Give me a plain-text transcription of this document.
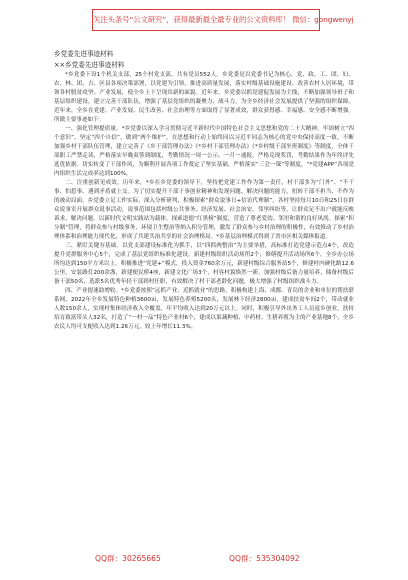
关注头条号“公文研究”，获得最新最全最专业的公文资料库！ 微信：gongwenyj
乡党委先进事迹材料
××乡党委先进事迹材料

*乡党委下设1个机关支部，25个村党支部，共有党员552人。乡党委是以党委书记为核心，党、政、工、团、妇、农、林、团、吉、区县各项决策部署，以党建为引领，推进高质量发展，落实村级基础设施建设、改善农村人居环境，带领各村脱贫攻坚、产业发展，使全乡上下呈现出新的面貌。近年来，乡党委以抓党建促发展为主线，不断加强领导班子和基层组织建设，建立完善干部队伍，增强了基层党组织的凝聚力、战斗力，为全乡经济社会发展提供了坚强的组织保障。近年来，全乡在党建、产业发展、民生改善、社会治理等方面取得了显著成效，群众获得感、幸福感、安全感不断增强。所做主要事迹如下：

一、强化管理提质量。*乡党委以深入学习贯彻习近平新时代中国特色社会主义思想和党的二十大精神，牢固树立“四个意识”，坚定“四个自信”，做到“两个维护”。在思想和行动上始终同以习近平同志为核心的党中央保持高度一致，不断加强乡村干部队伍管理，建立完善了《乡干部管理办法》《*乡村干部管理办法》《*乡村级干部坐班制度》等制度，全体干部职工严禁走读，严格落实早晚双签到制度，考勤情况一周一公示、一月一通报，严格兑现奖罚，考勤结果作为年终评先选优依据。切实转变了干部作风，为顺利开展各项工作奠定了坚实基础。严格落实“三会一课”等制度，“*党建APP”各项党内组织生活完成率达到100%。

二、注重创新见成效。历年来，*乡在乡党委的领导下，坚持把党建工作作为第一责任，村干部多为“门外”、“不干事、怕惹事、遇到矛盾就上交。为了切实提升干部干事创业精神和发现问题、解决问题的能力，扭转干部不担当、不作为的被动局面，乡党委立足工作实际，深入分析研判，积极探索“群众说事日+信访代理制”，各村坚持每月10日和25日在群众说事室开展群众说事活动，说事范围包括村级公共事务、经济发展、社会治安、邻里纠纷等，让群众足不出户就能反映诉求，解决问题。以新时代文明实践站为载体，探索道德“红黑榜”制度，营造了尊老爱幼、邻里和谐的良好风尚。探索“积分制”管理，将群众参与村级事务、环境卫生整治等纳入积分管理，激发了群众参与乡村治理的积极性，有效推动了乡村治理体系和治理能力现代化，形成了共建共治共享的社会治理格局。*乡基层治理模式得到了省市区相关媒体报道。

三、紧盯关键夯基础。以党支部建设标准化为抓手，以“四抓两整治”为主要举措，高标准打造党建示范点4个，改造提升党群服务中心5个，完成了基层党组织标准化建设。新建村级组织活动场所2个，修缮提升活动场所6个，全乡办公场所均达到150平方米以上。积极推进“党建+”模式，投入资金760余万元，新建村级综合服务站5个，修建村内硬化路12.6公里，安装路灯200余盏，新建便民桥4座，新建文化广场3个，村容村貌焕然一新。加强村级后备力量培养，储备村级后备干部50名，选派5名优秀年轻干部到村任职，有效解决了村干部老龄化问题，极大增强了村级组织战斗力。

四、产业提速助增收。*乡党委按照“远抓产业、近抓就业”的思路，积极构建上海、成都、青岛的企业和单位的帮扶联系网，2022年全乡发展特色种植3600亩，发展特色养殖5200头，发展林下经济2800亩，建成扶贫车间2个，带动就业人数150余人，实现村集体经济收入全覆盖，年平均收入达到20万元以上。同时，积极引导外出务工人员返乡创业，扶持培育致富带头人32名，打造了“一村一品”特色产业村6个，建成以果蔬种植、中药材、生猪养殖为主的产业基地8个，全乡农民人均可支配收入达到1.26万元，较上年增长11.3%。

QQ群：30265665	QQ群：535304092
